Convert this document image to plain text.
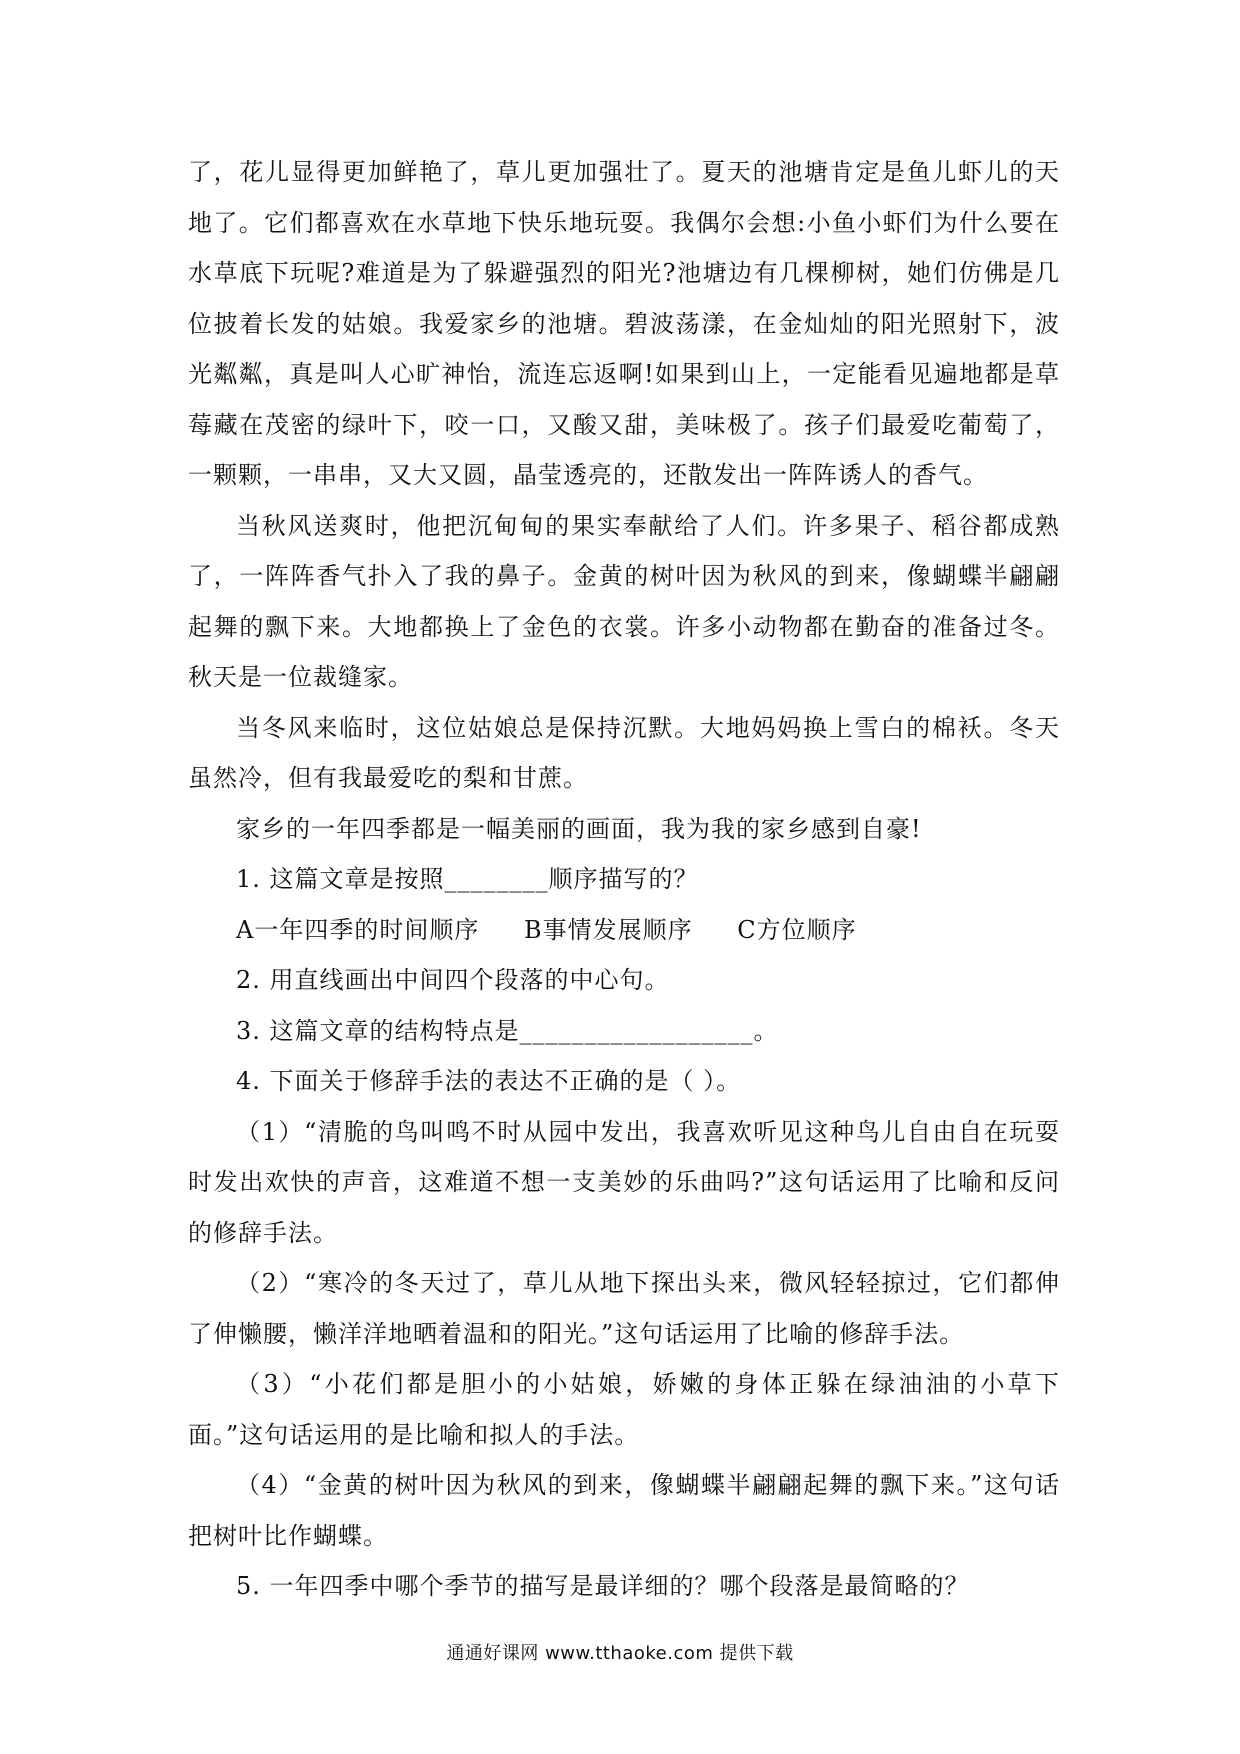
了，花儿显得更加鲜艳了，草儿更加强壮了。夏天的池塘肯定是鱼儿虾儿的天地了。它们都喜欢在水草地下快乐地玩耍。我偶尔会想:小鱼小虾们为什么要在水草底下玩呢?难道是为了躲避强烈的阳光?池塘边有几棵柳树，她们仿佛是几位披着长发的姑娘。我爱家乡的池塘。碧波荡漾，在金灿灿的阳光照射下，波光粼粼，真是叫人心旷神怡，流连忘返啊!如果到山上，一定能看见遍地都是草莓藏在茂密的绿叶下，咬一口，又酸又甜，美味极了。孩子们最爱吃葡萄了，一颗颗，一串串，又大又圆，晶莹透亮的，还散发出一阵阵诱人的香气。

当秋风送爽时，他把沉甸甸的果实奉献给了人们。许多果子、稻谷都成熟了，一阵阵香气扑入了我的鼻子。金黄的树叶因为秋风的到来，像蝴蝶半翩翩起舞的飘下来。大地都换上了金色的衣裳。许多小动物都在勤奋的准备过冬。秋天是一位裁缝家。

当冬风来临时，这位姑娘总是保持沉默。大地妈妈换上雪白的棉袄。冬天虽然冷，但有我最爱吃的梨和甘蔗。

家乡的一年四季都是一幅美丽的画面，我为我的家乡感到自豪!

1. 这篇文章是按照________顺序描写的？

A一年四季的时间顺序 B事情发展顺序 C方位顺序

2. 用直线画出中间四个段落的中心句。

3. 这篇文章的结构特点是__________________。

4. 下面关于修辞手法的表达不正确的是（ ）。

（1）“清脆的鸟叫鸣不时从园中发出，我喜欢听见这种鸟儿自由自在玩耍时发出欢快的声音，这难道不想一支美妙的乐曲吗?”这句话运用了比喻和反问的修辞手法。

（2）“寒冷的冬天过了，草儿从地下探出头来，微风轻轻掠过，它们都伸了伸懒腰，懒洋洋地晒着温和的阳光。”这句话运用了比喻的修辞手法。

（3）“小花们都是胆小的小姑娘，娇嫩的身体正躲在绿油油的小草下面。”这句话运用的是比喻和拟人的手法。

（4）“金黄的树叶因为秋风的到来，像蝴蝶半翩翩起舞的飘下来。”这句话把树叶比作蝴蝶。

5. 一年四季中哪个季节的描写是最详细的？哪个段落是最简略的？

通通好课网 www.tthaoke.com 提供下载
